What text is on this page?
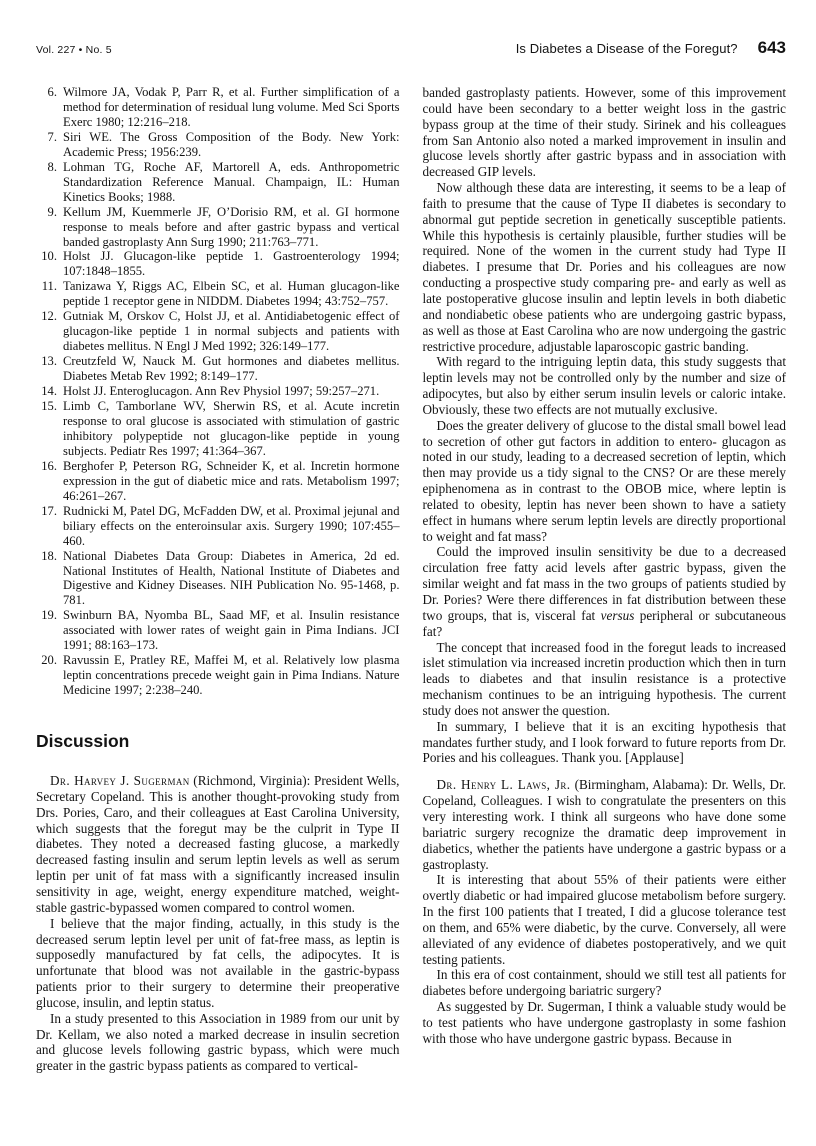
Vol. 227 • No. 5	Is Diabetes a Disease of the Foregut? 643
6. Wilmore JA, Vodak P, Parr R, et al. Further simplification of a method for determination of residual lung volume. Med Sci Sports Exerc 1980; 12:216–218.
7. Siri WE. The Gross Composition of the Body. New York: Academic Press; 1956:239.
8. Lohman TG, Roche AF, Martorell A, eds. Anthropometric Standardization Reference Manual. Champaign, IL: Human Kinetics Books; 1988.
9. Kellum JM, Kuemmerle JF, O’Dorisio RM, et al. GI hormone response to meals before and after gastric bypass and vertical banded gastroplasty Ann Surg 1990; 211:763–771.
10. Holst JJ. Glucagon-like peptide 1. Gastroenterology 1994; 107:1848–1855.
11. Tanizawa Y, Riggs AC, Elbein SC, et al. Human glucagon-like peptide 1 receptor gene in NIDDM. Diabetes 1994; 43:752–757.
12. Gutniak M, Orskov C, Holst JJ, et al. Antidiabetogenic effect of glucagon-like peptide 1 in normal subjects and patients with diabetes mellitus. N Engl J Med 1992; 326:149–177.
13. Creutzfeld W, Nauck M. Gut hormones and diabetes mellitus. Diabetes Metab Rev 1992; 8:149–177.
14. Holst JJ. Enteroglucagon. Ann Rev Physiol 1997; 59:257–271.
15. Limb C, Tamborlane WV, Sherwin RS, et al. Acute incretin response to oral glucose is associated with stimulation of gastric inhibitory polypeptide not glucagon-like peptide in young subjects. Pediatr Res 1997; 41:364–367.
16. Berghofer P, Peterson RG, Schneider K, et al. Incretin hormone expression in the gut of diabetic mice and rats. Metabolism 1997; 46:261–267.
17. Rudnicki M, Patel DG, McFadden DW, et al. Proximal jejunal and biliary effects on the enteroinsular axis. Surgery 1990; 107:455–460.
18. National Diabetes Data Group: Diabetes in America, 2d ed. National Institutes of Health, National Institute of Diabetes and Digestive and Kidney Diseases. NIH Publication No. 95-1468, p. 781.
19. Swinburn BA, Nyomba BL, Saad MF, et al. Insulin resistance associated with lower rates of weight gain in Pima Indians. JCI 1991; 88:163–173.
20. Ravussin E, Pratley RE, Maffei M, et al. Relatively low plasma leptin concentrations precede weight gain in Pima Indians. Nature Medicine 1997; 2:238–240.
Discussion

Dr. Harvey J. Sugerman (Richmond, Virginia): President Wells, Secretary Copeland. This is another thought-provoking study from Drs. Pories, Caro, and their colleagues at East Carolina University, which suggests that the foregut may be the culprit in Type II diabetes. They noted a decreased fasting glucose, a markedly decreased fasting insulin and serum leptin levels as well as serum leptin per unit of fat mass with a significantly increased insulin sensitivity in age, weight, energy expenditure matched, weight-stable gastric-bypassed women compared to control women.

I believe that the major finding, actually, in this study is the decreased serum leptin level per unit of fat-free mass, as leptin is supposedly manufactured by fat cells, the adipocytes. It is unfortunate that blood was not available in the gastric-bypass patients prior to their surgery to determine their preoperative glucose, insulin, and leptin status.

In a study presented to this Association in 1989 from our unit by Dr. Kellam, we also noted a marked decrease in insulin secretion and glucose levels following gastric bypass, which were much greater in the gastric bypass patients as compared to vertical-

banded gastroplasty patients. However, some of this improvement could have been secondary to a better weight loss in the gastric bypass group at the time of their study. Sirinek and his colleagues from San Antonio also noted a marked improvement in insulin and glucose levels shortly after gastric bypass and in association with decreased GIP levels.

Now although these data are interesting, it seems to be a leap of faith to presume that the cause of Type II diabetes is secondary to abnormal gut peptide secretion in genetically susceptible patients. While this hypothesis is certainly plausible, further studies will be required. None of the women in the current study had Type II diabetes. I presume that Dr. Pories and his colleagues are now conducting a prospective study comparing pre- and early as well as late postoperative glucose insulin and leptin levels in both diabetic and nondiabetic obese patients who are undergoing gastric bypass, as well as those at East Carolina who are now undergoing the gastric restrictive procedure, adjustable laparoscopic gastric banding.

With regard to the intriguing leptin data, this study suggests that leptin levels may not be controlled only by the number and size of adipocytes, but also by either serum insulin levels or caloric intake. Obviously, these two effects are not mutually exclusive.

Does the greater delivery of glucose to the distal small bowel lead to secretion of other gut factors in addition to entero- glucagon as noted in our study, leading to a decreased secretion of leptin, which then may provide us a tidy signal to the CNS? Or are these merely epiphenomena as in contrast to the OBOB mice, where leptin is related to obesity, leptin has never been shown to have a satiety effect in humans where serum leptin levels are directly proportional to weight and fat mass?

Could the improved insulin sensitivity be due to a decreased circulation free fatty acid levels after gastric bypass, given the similar weight and fat mass in the two groups of patients studied by Dr. Pories? Were there differences in fat distribution between these two groups, that is, visceral fat versus peripheral or subcutaneous fat?

The concept that increased food in the foregut leads to increased islet stimulation via increased incretin production which then in turn leads to diabetes and that insulin resistance is a protective mechanism continues to be an intriguing hypothesis. The current study does not answer the question.

In summary, I believe that it is an exciting hypothesis that mandates further study, and I look forward to future reports from Dr. Pories and his colleagues. Thank you. [Applause]

Dr. Henry L. Laws, Jr. (Birmingham, Alabama): Dr. Wells, Dr. Copeland, Colleagues. I wish to congratulate the presenters on this very interesting work. I think all surgeons who have done some bariatric surgery recognize the dramatic deep improvement in diabetics, whether the patients have undergone a gastric bypass or a gastroplasty.

It is interesting that about 55% of their patients were either overtly diabetic or had impaired glucose metabolism before surgery. In the first 100 patients that I treated, I did a glucose tolerance test on them, and 65% were diabetic, by the curve. Conversely, all were alleviated of any evidence of diabetes postoperatively, and we quit testing patients.

In this era of cost containment, should we still test all patients for diabetes before undergoing bariatric surgery?

As suggested by Dr. Sugerman, I think a valuable study would be to test patients who have undergone gastroplasty in some fashion with those who have undergone gastric bypass. Because in
